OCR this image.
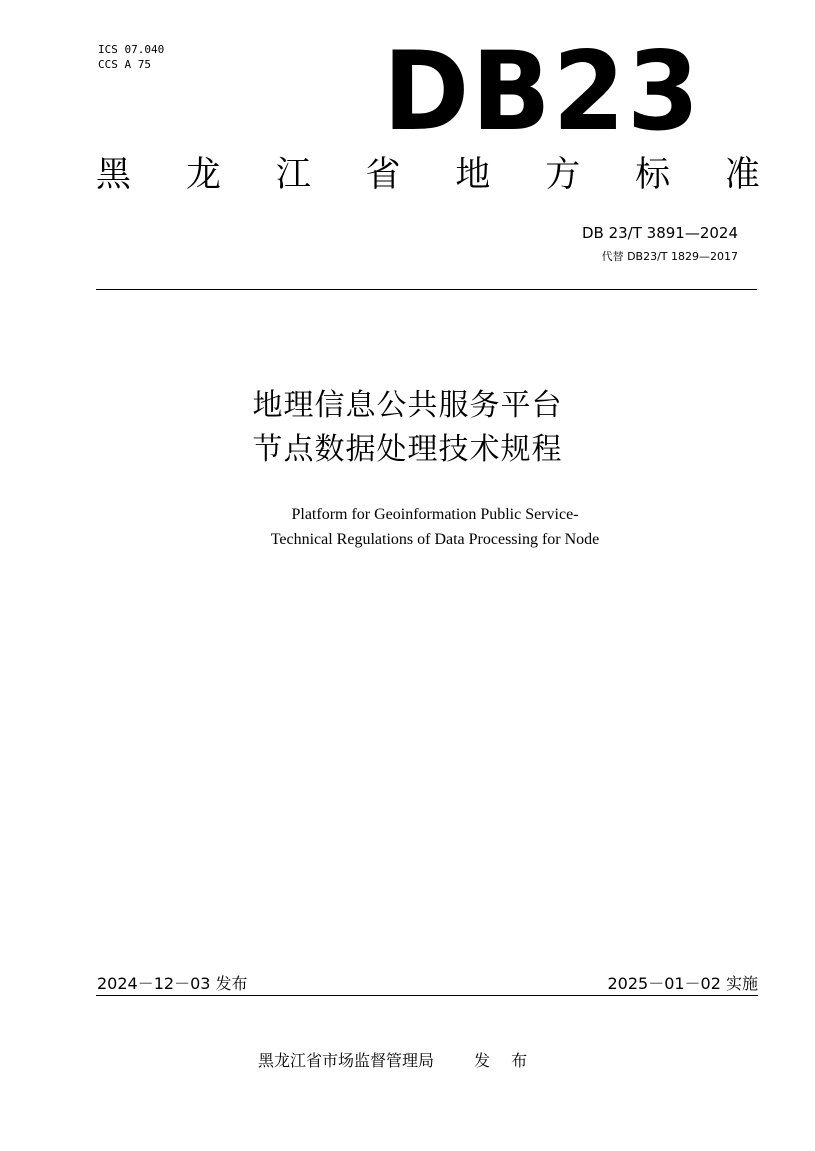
ICS 07.040
CCS A 75 DB23
黑 龙 江 省 地 方 标 准
DB 23/T 3891—2024
代替 DB23/T 1829—2017
地理信息公共服务平台
节点数据处理技术规程
Platform for Geoinformation Public Service-
Technical Regulations of Data Processing for Node
2024－12－03 发布	2025－01－02 实施
黑龙江省市场监督管理局	发 布
